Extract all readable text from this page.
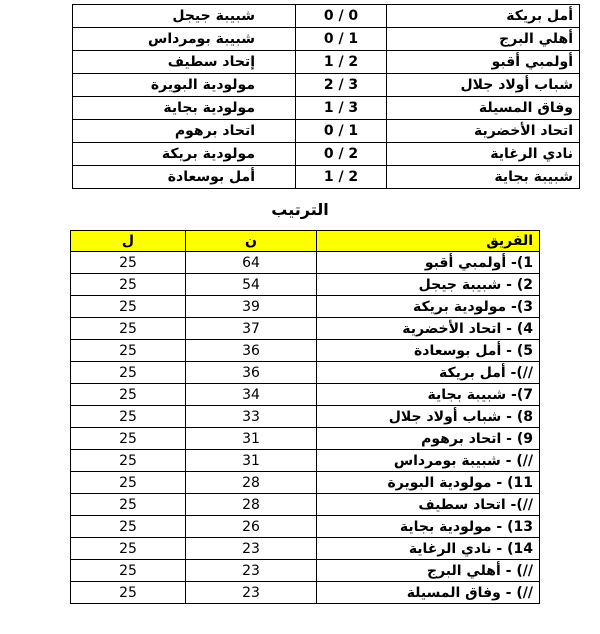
شبيبة جيجل	0 / 0	أمل بريكة
شبيبة بومرداس	0 / 1	أهلي البرج
إتحاد سطيف	1 / 2	أولمبي أقبو
مولودية البويرة	2 / 3	شباب أولاد جلال
مولودية بجاية	1 / 3	وفاق المسيلة
اتحاد برهوم	0 / 1	اتحاد الأخضرية
مولودية بريكة	0 / 2	نادي الرغاية
أمل بوسعادة	1 / 2	شبيبة بجاية
الترتيب
ل	ن	الفريق
25	64	1)- أولمبي أقبو
25	54	2) - شبيبة جيجل
25	39	3)- مولودية بريكة
25	37	4) - اتحاد الأخضرية
25	36	5) - أمل بوسعادة
25	36	//)- أمل بريكة
25	34	7)- شبيبة بجاية
25	33	8) - شباب أولاد جلال
25	31	9) - اتحاد برهوم
25	31	//) - شبيبة بومرداس
25	28	11) - مولودية البويرة
25	28	//)- اتحاد سطيف
25	26	13) - مولودية بجاية
25	23	14) - نادي الرغاية
25	23	//) - أهلي البرج
25	23	//) - وفاق المسيلة
